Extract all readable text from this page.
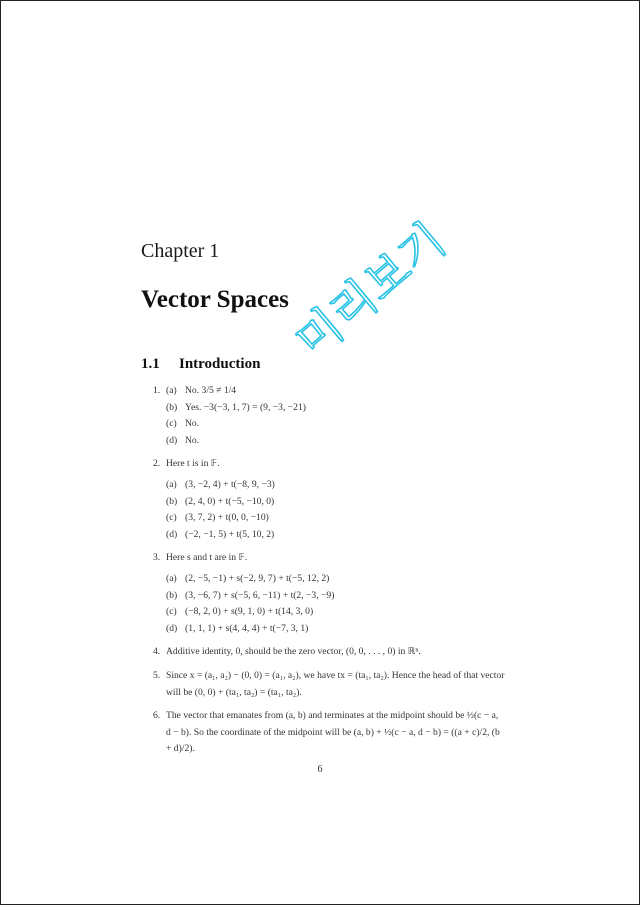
Chapter 1
Vector Spaces
1.1 Introduction
1. (a) No. 3/5 ≠ 1/4
(b) Yes. −3(−3, 1, 7) = (9, −3, −21)
(c) No.
(d) No.
2. Here t is in 𝔽.
(a) (3, −2, 4) + t(−8, 9, −3)
(b) (2, 4, 0) + t(−5, −10, 0)
(c) (3, 7, 2) + t(0, 0, −10)
(d) (−2, −1, 5) + t(5, 10, 2)
3. Here s and t are in 𝔽.
(a) (2, −5, −1) + s(−2, 9, 7) + t(−5, 12, 2)
(b) (3, −6, 7) + s(−5, 6, −11) + t(2, −3, −9)
(c) (−8, 2, 0) + s(9, 1, 0) + t(14, 3, 0)
(d) (1, 1, 1) + s(4, 4, 4) + t(−7, 3, 1)
4. Additive identity, 0, should be the zero vector, (0, 0, . . . , 0) in ℝⁿ.
5. Since x = (a₁, a₂) − (0, 0) = (a₁, a₂), we have tx = (ta₁, ta₂). Hence the head of that vector will be (0, 0) + (ta₁, ta₂) = (ta₁, ta₂).
6. The vector that emanates from (a, b) and terminates at the midpoint should be ½(c − a, d − b). So the coordinate of the midpoint will be (a, b) + ½(c − a, d − b) = ((a + c)/2, (b + d)/2).
미리보기
6
